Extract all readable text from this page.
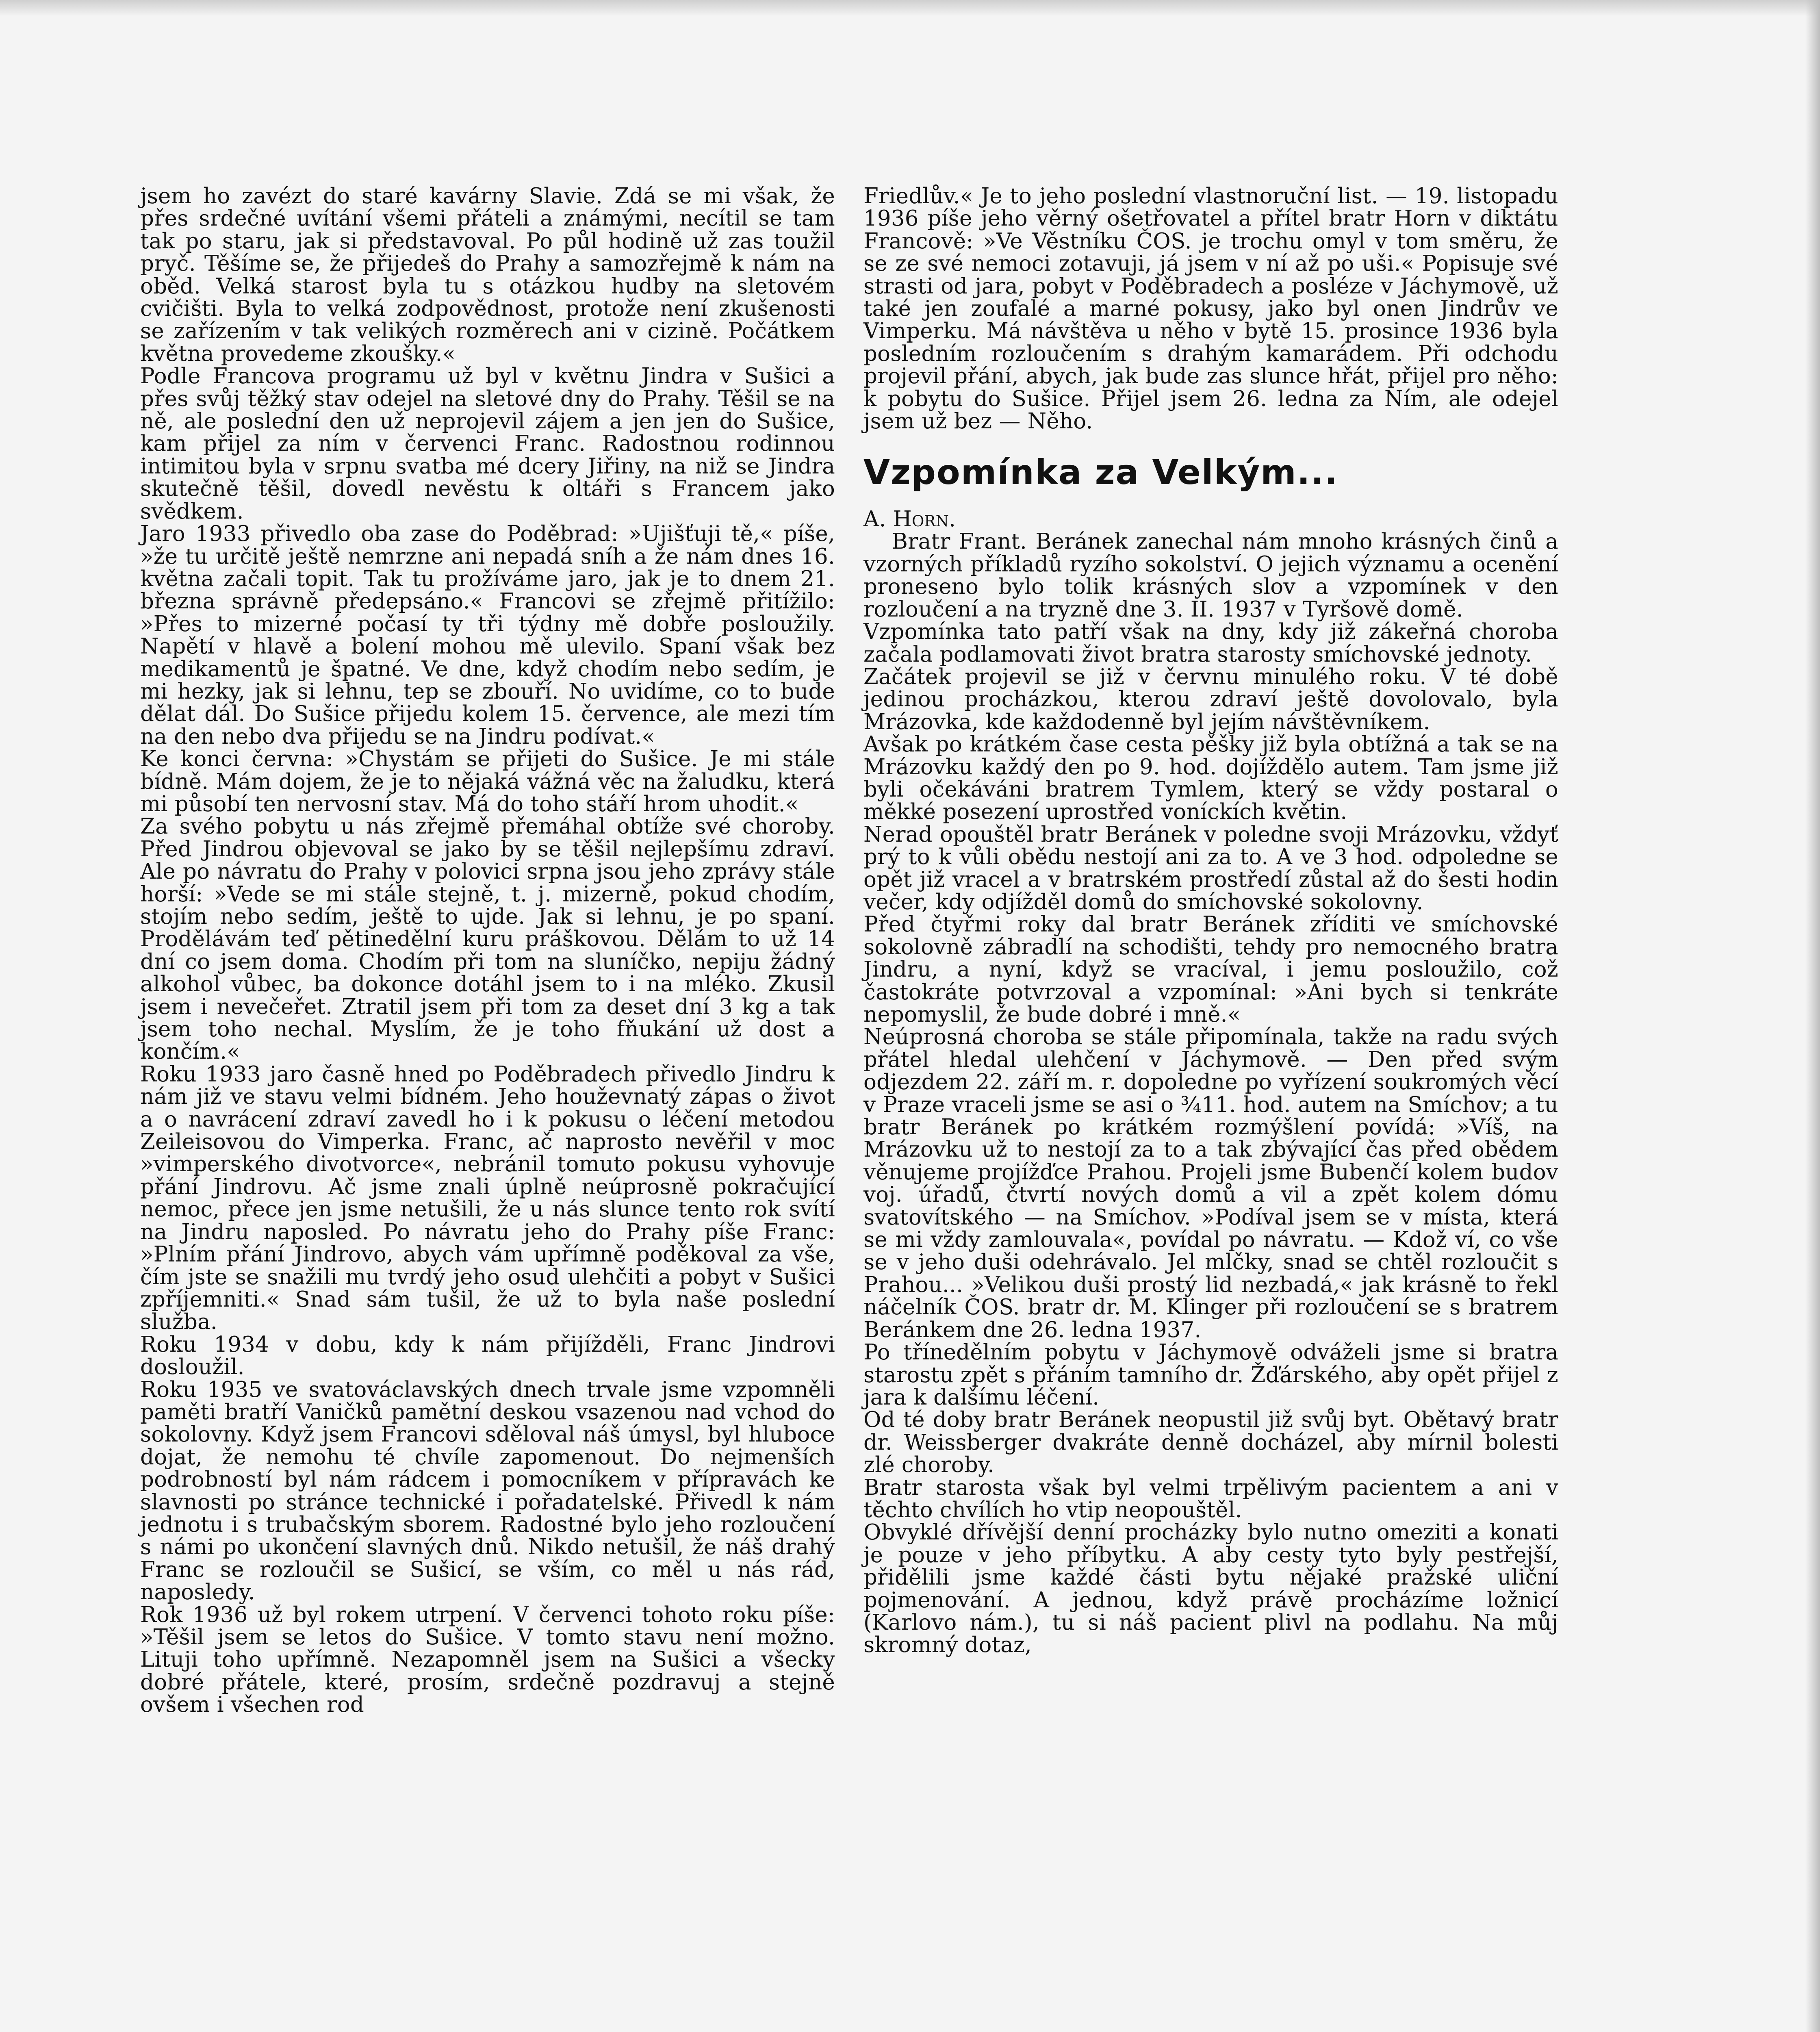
jsem ho zavézt do staré kavárny Slavie. Zdá se mi však, že přes srdečné uvítání všemi přáteli a známými, necítil se tam tak po staru, jak si představoval. Po půl hodině už zas toužil pryč. Těšíme se, že přijedeš do Prahy a samozřejmě k nám na oběd. Velká starost byla tu s otázkou hudby na sletovém cvičišti. Byla to velká zodpovědnost, protože není zkušenosti se zařízením v tak velikých rozměrech ani v cizině. Počátkem května provedeme zkoušky.«

Podle Francova programu už byl v květnu Jindra v Sušici a přes svůj těžký stav odejel na sletové dny do Prahy. Těšil se na ně, ale poslední den už neprojevil zájem a jen jen do Sušice, kam přijel za ním v červenci Franc. Radostnou rodinnou intimitou byla v srpnu svatba mé dcery Jiřiny, na niž se Jindra skutečně těšil, dovedl nevěstu k oltáři s Francem jako svědkem.

Jaro 1933 přivedlo oba zase do Poděbrad: »Ujišťuji tě,« píše, »že tu určitě ještě nemrzne ani nepadá sníh a že nám dnes 16. května začali topit. Tak tu prožíváme jaro, jak je to dnem 21. března správně předepsáno.« Francovi se zřejmě přitížilo: »Přes to mizerné počasí ty tři týdny mě dobře posloužily. Napětí v hlavě a bolení mohou mě ulevilo. Spaní však bez medikamentů je špatné. Ve dne, když chodím nebo sedím, je mi hezky, jak si lehnu, tep se zbouří. No uvidíme, co to bude dělat dál. Do Sušice přijedu kolem 15. července, ale mezi tím na den nebo dva přijedu se na Jindru podívat.«

Ke konci června: »Chystám se přijeti do Sušice. Je mi stále bídně. Mám dojem, že je to nějaká vážná věc na žaludku, která mi působí ten nervosní stav. Má do toho stáří hrom uhodit.«

Za svého pobytu u nás zřejmě přemáhal obtíže své choroby. Před Jindrou objevoval se jako by se těšil nejlepšímu zdraví. Ale po návratu do Prahy v polovici srpna jsou jeho zprávy stále horší: »Vede se mi stále stejně, t. j. mizerně, pokud chodím, stojím nebo sedím, ještě to ujde. Jak si lehnu, je po spaní. Prodělávám teď pětinedělní kuru práškovou. Dělám to už 14 dní co jsem doma. Chodím při tom na sluníčko, nepiju žádný alkohol vůbec, ba dokonce dotáhl jsem to i na mléko. Zkusil jsem i nevečeřet. Ztratil jsem při tom za deset dní 3 kg a tak jsem toho nechal. Myslím, že je toho fňukání už dost a končím.«

Roku 1933 jaro časně hned po Poděbradech přivedlo Jindru k nám již ve stavu velmi bídném. Jeho houževnatý zápas o život a o navrácení zdraví zavedl ho i k pokusu o léčení metodou Zeileisovou do Vimperka. Franc, ač naprosto nevěřil v moc »vimperského divotvorce«, nebránil tomuto pokusu vyhovuje přání Jindrovu. Ač jsme znali úplně neúprosně pokračující nemoc, přece jen jsme netušili, že u nás slunce tento rok svítí na Jindru naposled. Po návratu jeho do Prahy píše Franc: »Plním přání Jindrovo, abych vám upřímně poděkoval za vše, čím jste se snažili mu tvrdý jeho osud ulehčiti a pobyt v Sušici zpříjemniti.« Snad sám tušil, že už to byla naše poslední služba.

Roku 1934 v dobu, kdy k nám přijížděli, Franc Jindrovi dosloužil.

Roku 1935 ve svatováclavských dnech trvale jsme vzpomněli paměti bratří Vaničků pamětní deskou vsazenou nad vchod do sokolovny. Když jsem Francovi sděloval náš úmysl, byl hluboce dojat, že nemohu té chvíle zapomenout. Do nejmenších podrobností byl nám rádcem i pomocníkem v přípravách ke slavnosti po stránce technické i pořadatelské. Přivedl k nám jednotu i s trubačským sborem. Radostné bylo jeho rozloučení s námi po ukončení slavných dnů. Nikdo netušil, že náš drahý Franc se rozloučil se Sušicí, se vším, co měl u nás rád, naposledy.

Rok 1936 už byl rokem utrpení. V červenci tohoto roku píše: »Těšil jsem se letos do Sušice. V tomto stavu není možno. Lituji toho upřímně. Nezapomněl jsem na Sušici a všecky dobré přátele, které, prosím, srdečně pozdravuj a stejně ovšem i všechen rod

Friedlův.« Je to jeho poslední vlastnoruční list. — 19. listopadu 1936 píše jeho věrný ošetřovatel a přítel bratr Horn v diktátu Francově: »Ve Věstníku ČOS. je trochu omyl v tom směru, že se ze své nemoci zotavuji, já jsem v ní až po uši.« Popisuje své strasti od jara, pobyt v Poděbradech a posléze v Jáchymově, už také jen zoufalé a marné pokusy, jako byl onen Jindrův ve Vimperku. Má návštěva u něho v bytě 15. prosince 1936 byla posledním rozloučením s drahým kamarádem. Při odchodu projevil přání, abych, jak bude zas slunce hřát, přijel pro něho: k pobytu do Sušice. Přijel jsem 26. ledna za Ním, ale odejel jsem už bez — Něho.

Vzpomínka za Velkým...

A. Horn.

Bratr Frant. Beránek zanechal nám mnoho krásných činů a vzorných příkladů ryzího sokolství. O jejich významu a ocenění proneseno bylo tolik krásných slov a vzpomínek v den rozloučení a na tryzně dne 3. II. 1937 v Tyršově domě.

Vzpomínka tato patří však na dny, kdy již zákeřná choroba začala podlamovati život bratra starosty smíchovské jednoty.

Začátek projevil se již v červnu minulého roku. V té době jedinou procházkou, kterou zdraví ještě dovolovalo, byla Mrázovka, kde každodenně byl jejím návštěvníkem.

Avšak po krátkém čase cesta pěšky již byla obtížná a tak se na Mrázovku každý den po 9. hod. dojíždělo autem. Tam jsme již byli očekáváni bratrem Tymlem, který se vždy postaral o měkké posezení uprostřed voníckích květin.

Nerad opouštěl bratr Beránek v poledne svoji Mrázovku, vždyť prý to k vůli obědu nestojí ani za to. A ve 3 hod. odpoledne se opět již vracel a v bratrském prostředí zůstal až do šesti hodin večer, kdy odjížděl domů do smíchovské sokolovny.

Před čtyřmi roky dal bratr Beránek zříditi ve smíchovské sokolovně zábradlí na schodišti, tehdy pro nemocného bratra Jindru, a nyní, když se vracíval, i jemu posloužilo, což častokráte potvrzoval a vzpomínal: »Ani bych si tenkráte nepomyslil, že bude dobré i mně.«

Neúprosná choroba se stále připomínala, takže na radu svých přátel hledal ulehčení v Jáchymově. — Den před svým odjezdem 22. září m. r. dopoledne po vyřízení soukromých věcí v Praze vraceli jsme se asi o ¾11. hod. autem na Smíchov; a tu bratr Beránek po krátkém rozmýšlení povídá: »Víš, na Mrázovku už to nestojí za to a tak zbývající čas před obědem věnujeme projížďce Prahou. Projeli jsme Bubenčí kolem budov voj. úřadů, čtvrtí nových domů a vil a zpět kolem dómu svatovítského — na Smíchov. »Podíval jsem se v místa, která se mi vždy zamlouvala«, povídal po návratu. — Kdož ví, co vše se v jeho duši odehrávalo. Jel mlčky, snad se chtěl rozloučit s Prahou... »Velikou duši prostý lid nezbadá,« jak krásně to řekl náčelník ČOS. bratr dr. M. Klinger při rozloučení se s bratrem Beránkem dne 26. ledna 1937.

Po třínedělním pobytu v Jáchymově odváželi jsme si bratra starostu zpět s přáním tamního dr. Žďárského, aby opět přijel z jara k dalšímu léčení.

Od té doby bratr Beránek neopustil již svůj byt. Obětavý bratr dr. Weissberger dvakráte denně docházel, aby mírnil bolesti zlé choroby.

Bratr starosta však byl velmi trpělivým pacientem a ani v těchto chvílích ho vtip neopouštěl.

Obvyklé dřívější denní procházky bylo nutno omeziti a konati je pouze v jeho příbytku. A aby cesty tyto byly pestřejší, přidělili jsme každé části bytu nějaké pražské uliční pojmenování. A jednou, když právě procházíme ložnicí (Karlovo nám.), tu si náš pacient plivl na podlahu. Na můj skromný dotaz,
